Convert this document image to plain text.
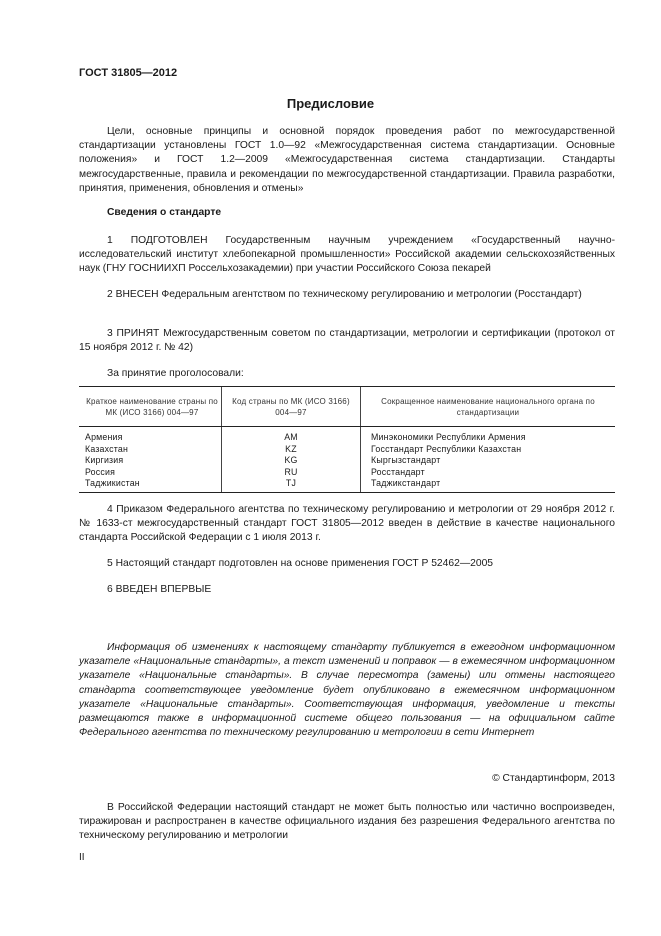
ГОСТ 31805—2012
Предисловие
Цели, основные принципы и основной порядок проведения работ по межгосударственной стандартизации установлены ГОСТ 1.0—92 «Межгосударственная система стандартизации. Основные положения» и ГОСТ 1.2—2009 «Межгосударственная система стандартизации. Стандарты межгосударственные, правила и рекомендации по межгосударственной стандартизации. Правила разработки, принятия, применения, обновления и отмены»
Сведения о стандарте
1 ПОДГОТОВЛЕН Государственным научным учреждением «Государственный научно-исследовательский институт хлебопекарной промышленности» Российской академии сельскохозяйственных наук (ГНУ ГОСНИИХП Россельхозакадемии) при участии Российского Союза пекарей
2 ВНЕСЕН Федеральным агентством по техническому регулированию и метрологии (Росстандарт)
3 ПРИНЯТ Межгосударственным советом по стандартизации, метрологии и сертификации (протокол от 15 ноября 2012 г. № 42)
За принятие проголосовали:
Краткое наименование страны по МК (ИСО 3166) 004—97	Код страны по МК (ИСО 3166) 004—97	Сокращенное наименование национального органа по стандартизации
Армения	AM	Минэкономики Республики Армения
Казахстан	KZ	Госстандарт Республики Казахстан
Киргизия	KG	Кыргызстандарт
Россия	RU	Росстандарт
Таджикистан	TJ	Таджикстандарт
4 Приказом Федерального агентства по техническому регулированию и метрологии от 29 ноября 2012 г. № 1633-ст межгосударственный стандарт ГОСТ 31805—2012 введен в действие в качестве национального стандарта Российской Федерации с 1 июля 2013 г.
5 Настоящий стандарт подготовлен на основе применения ГОСТ Р 52462—2005
6 ВВЕДЕН ВПЕРВЫЕ
Информация об изменениях к настоящему стандарту публикуется в ежегодном информационном указателе «Национальные стандарты», а текст изменений и поправок — в ежемесячном информационном указателе «Национальные стандарты». В случае пересмотра (замены) или отмены настоящего стандарта соответствующее уведомление будет опубликовано в ежемесячном информационном указателе «Национальные стандарты». Соответствующая информация, уведомление и тексты размещаются также в информационной системе общего пользования — на официальном сайте Федерального агентства по техническому регулированию и метрологии в сети Интернет
© Стандартинформ, 2013
В Российской Федерации настоящий стандарт не может быть полностью или частично воспроизведен, тиражирован и распространен в качестве официального издания без разрешения Федерального агентства по техническому регулированию и метрологии
II
